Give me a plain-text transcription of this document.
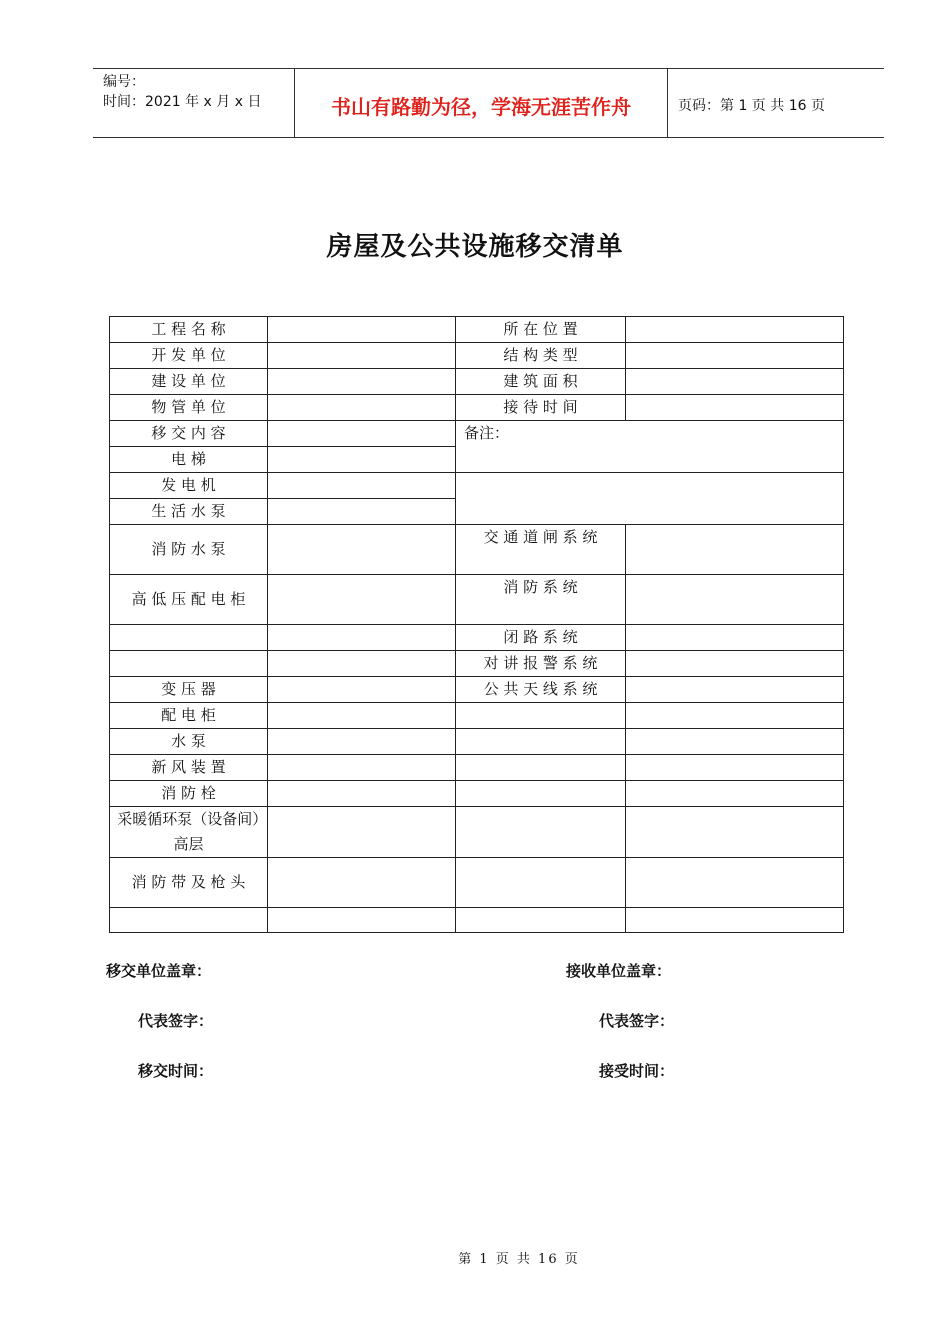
编号：
时间：2021 年 x 月 x 日	书山有路勤为径，学海无涯苦作舟	页码：第 1 页 共 16 页
房屋及公共设施移交清单
工 程 名 称		所 在 位 置	
开 发 单 位		结 构 类 型	
建 设 单 位		建 筑 面 积	
物 管 单 位		接 待 时 间	
移 交 内 容		备注：	
电 梯			
发 电 机			
生 活 水 泵			
消 防 水 泵		交 通 道 闸 系 统	
高 低 压 配 电 柜		消 防 系 统	
		闭 路 系 统	
		对 讲 报 警 系 统	
变 压 器		公 共 天 线 系 统	
配 电 柜			
水 泵			
新 风 装 置			
消 防 栓			
采暖循环泵（设备间）高层			
消 防 带 及 枪 头			

移交单位盖章：	接收单位盖章：
代表签字：	代表签字：
移交时间：	接受时间：
第 1 页 共 16 页
